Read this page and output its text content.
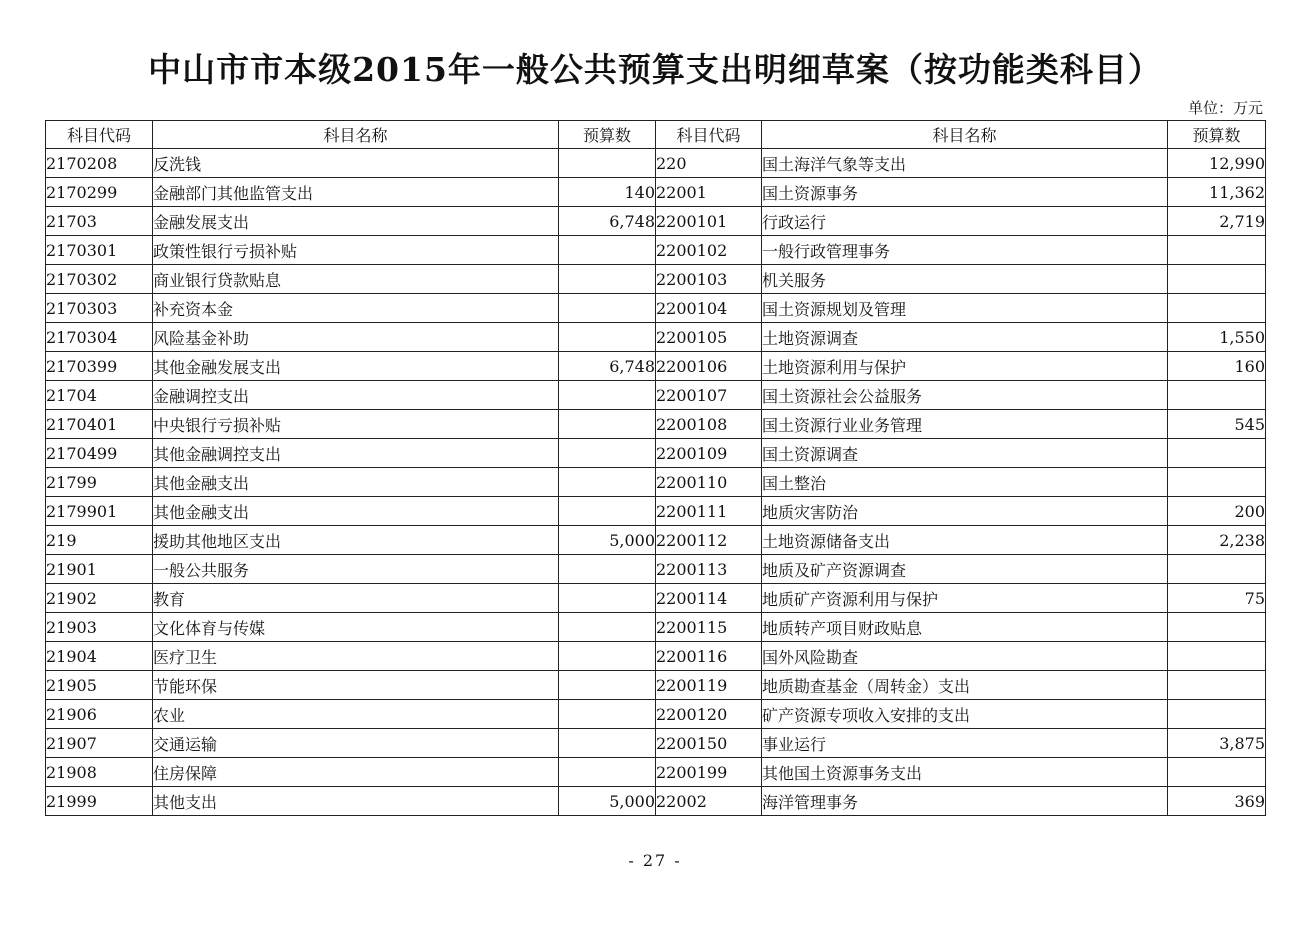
中山市市本级2015年一般公共预算支出明细草案（按功能类科目）
单位：万元
科目代码	科目名称	预算数	科目代码	科目名称	预算数
2170208	反洗钱		220	国土海洋气象等支出	12,990
2170299	金融部门其他监管支出	140	22001	国土资源事务	11,362
21703	金融发展支出	6,748	2200101	行政运行	2,719
2170301	政策性银行亏损补贴		2200102	一般行政管理事务	
2170302	商业银行贷款贴息		2200103	机关服务	
2170303	补充资本金		2200104	国土资源规划及管理	
2170304	风险基金补助		2200105	土地资源调查	1,550
2170399	其他金融发展支出	6,748	2200106	土地资源利用与保护	160
21704	金融调控支出		2200107	国土资源社会公益服务	
2170401	中央银行亏损补贴		2200108	国土资源行业业务管理	545
2170499	其他金融调控支出		2200109	国土资源调查	
21799	其他金融支出		2200110	国土整治	
2179901	其他金融支出		2200111	地质灾害防治	200
219	援助其他地区支出	5,000	2200112	土地资源储备支出	2,238
21901	一般公共服务		2200113	地质及矿产资源调查	
21902	教育		2200114	地质矿产资源利用与保护	75
21903	文化体育与传媒		2200115	地质转产项目财政贴息	
21904	医疗卫生		2200116	国外风险勘查	
21905	节能环保		2200119	地质勘查基金（周转金）支出	
21906	农业		2200120	矿产资源专项收入安排的支出	
21907	交通运输		2200150	事业运行	3,875
21908	住房保障		2200199	其他国土资源事务支出	
21999	其他支出	5,000	22002	海洋管理事务	369
- 27 -
